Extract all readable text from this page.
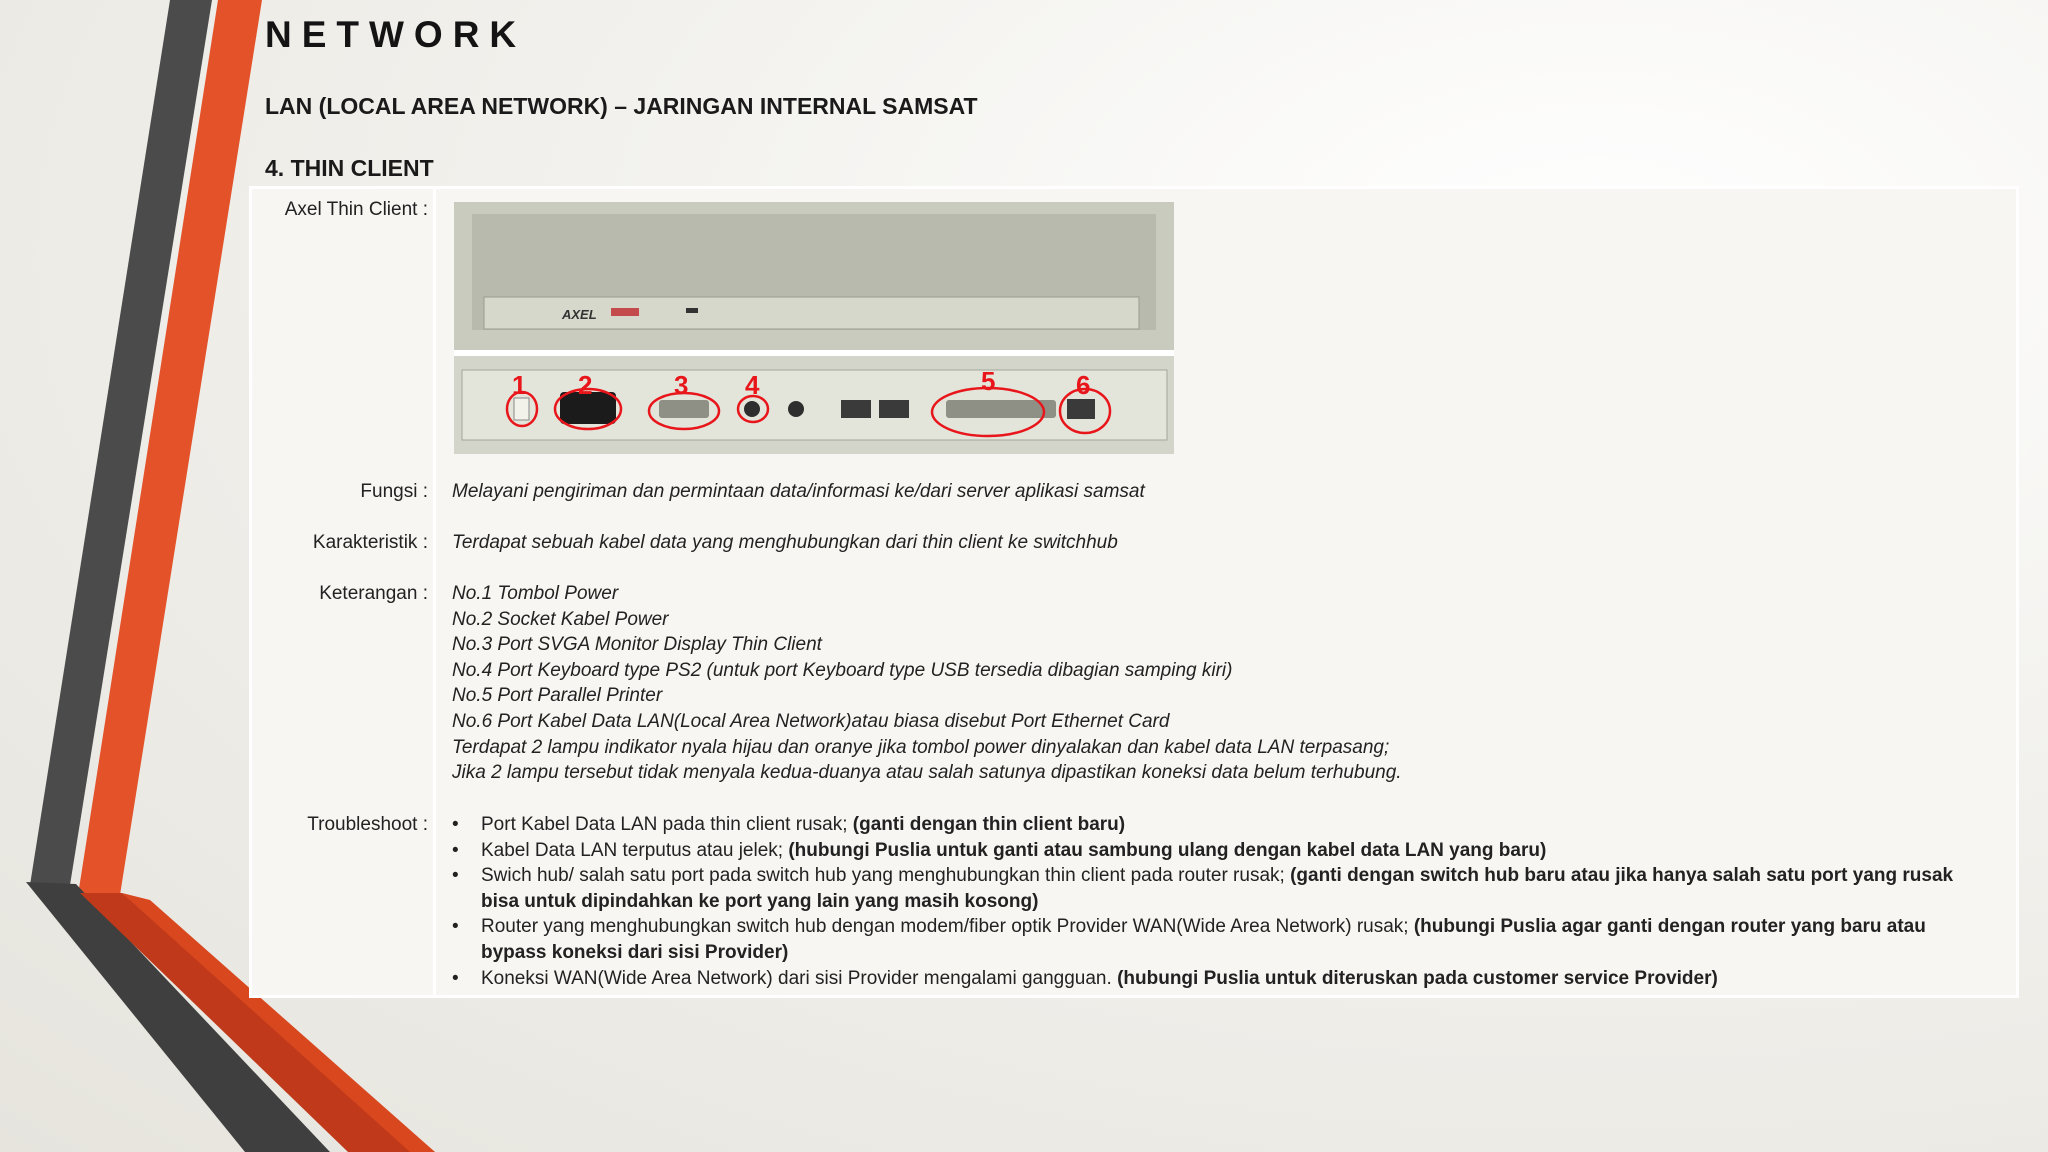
NETWORK
LAN (LOCAL AREA NETWORK) – JARINGAN INTERNAL SAMSAT
4. THIN CLIENT
Axel Thin Client :
AXEL
1 2	3 4	5	6
Fungsi : Melayani pengiriman dan permintaan data/informasi ke/dari server aplikasi samsat
Karakteristik : Terdapat sebuah kabel data yang menghubungkan dari thin client ke switchhub
Keterangan : No.1 Tombol Power
No.2 Socket Kabel Power
No.3 Port SVGA Monitor Display Thin Client
No.4 Port Keyboard type PS2 (untuk port Keyboard type USB tersedia dibagian samping kiri)
No.5 Port Parallel Printer
No.6 Port Kabel Data LAN(Local Area Network)atau biasa disebut Port Ethernet Card
Terdapat 2 lampu indikator nyala hijau dan oranye jika tombol power dinyalakan dan kabel data LAN terpasang;
Jika 2 lampu tersebut tidak menyala kedua-duanya atau salah satunya dipastikan koneksi data belum terhubung.
Troubleshoot :
•	Port Kabel Data LAN pada thin client rusak; (ganti dengan thin client baru)
• Kabel Data LAN terputus atau jelek; (hubungi Puslia untuk ganti atau sambung ulang dengan kabel data LAN yang baru)
• Swich hub/ salah satu port pada switch hub yang menghubungkan thin client pada router rusak; (ganti dengan switch hub baru atau jika hanya salah satu port yang rusak bisa untuk dipindahkan ke port yang lain yang masih kosong)
• Router yang menghubungkan switch hub dengan modem/fiber optik Provider WAN(Wide Area Network) rusak; (hubungi Puslia agar ganti dengan router yang baru atau bypass koneksi dari sisi Provider)
• Koneksi WAN(Wide Area Network) dari sisi Provider mengalami gangguan. (hubungi Puslia untuk diteruskan pada customer service Provider)
